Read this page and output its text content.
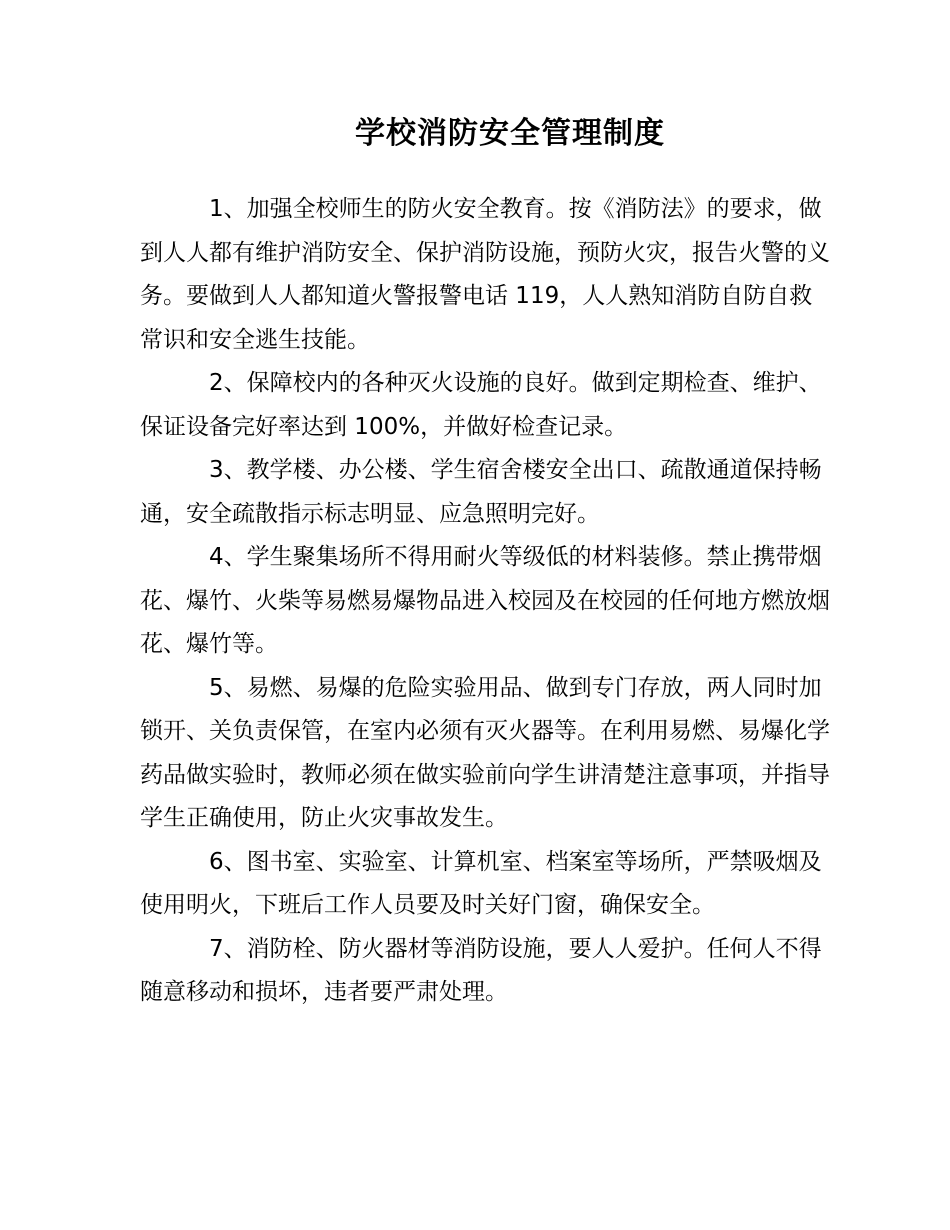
学校消防安全管理制度

1、加强全校师生的防火安全教育。按《消防法》的要求，做到人人都有维护消防安全、保护消防设施，预防火灾，报告火警的义务。要做到人人都知道火警报警电话 119，人人熟知消防自防自救常识和安全逃生技能。

2、保障校内的各种灭火设施的良好。做到定期检查、维护、保证设备完好率达到 100%，并做好检查记录。

3、教学楼、办公楼、学生宿舍楼安全出口、疏散通道保持畅通，安全疏散指示标志明显、应急照明完好。

4、学生聚集场所不得用耐火等级低的材料装修。禁止携带烟花、爆竹、火柴等易燃易爆物品进入校园及在校园的任何地方燃放烟花、爆竹等。

5、易燃、易爆的危险实验用品、做到专门存放，两人同时加锁开、关负责保管，在室内必须有灭火器等。在利用易燃、易爆化学药品做实验时，教师必须在做实验前向学生讲清楚注意事项，并指导学生正确使用，防止火灾事故发生。

6、图书室、实验室、计算机室、档案室等场所，严禁吸烟及使用明火，下班后工作人员要及时关好门窗，确保安全。

7、消防栓、防火器材等消防设施，要人人爱护。任何人不得随意移动和损坏，违者要严肃处理。
